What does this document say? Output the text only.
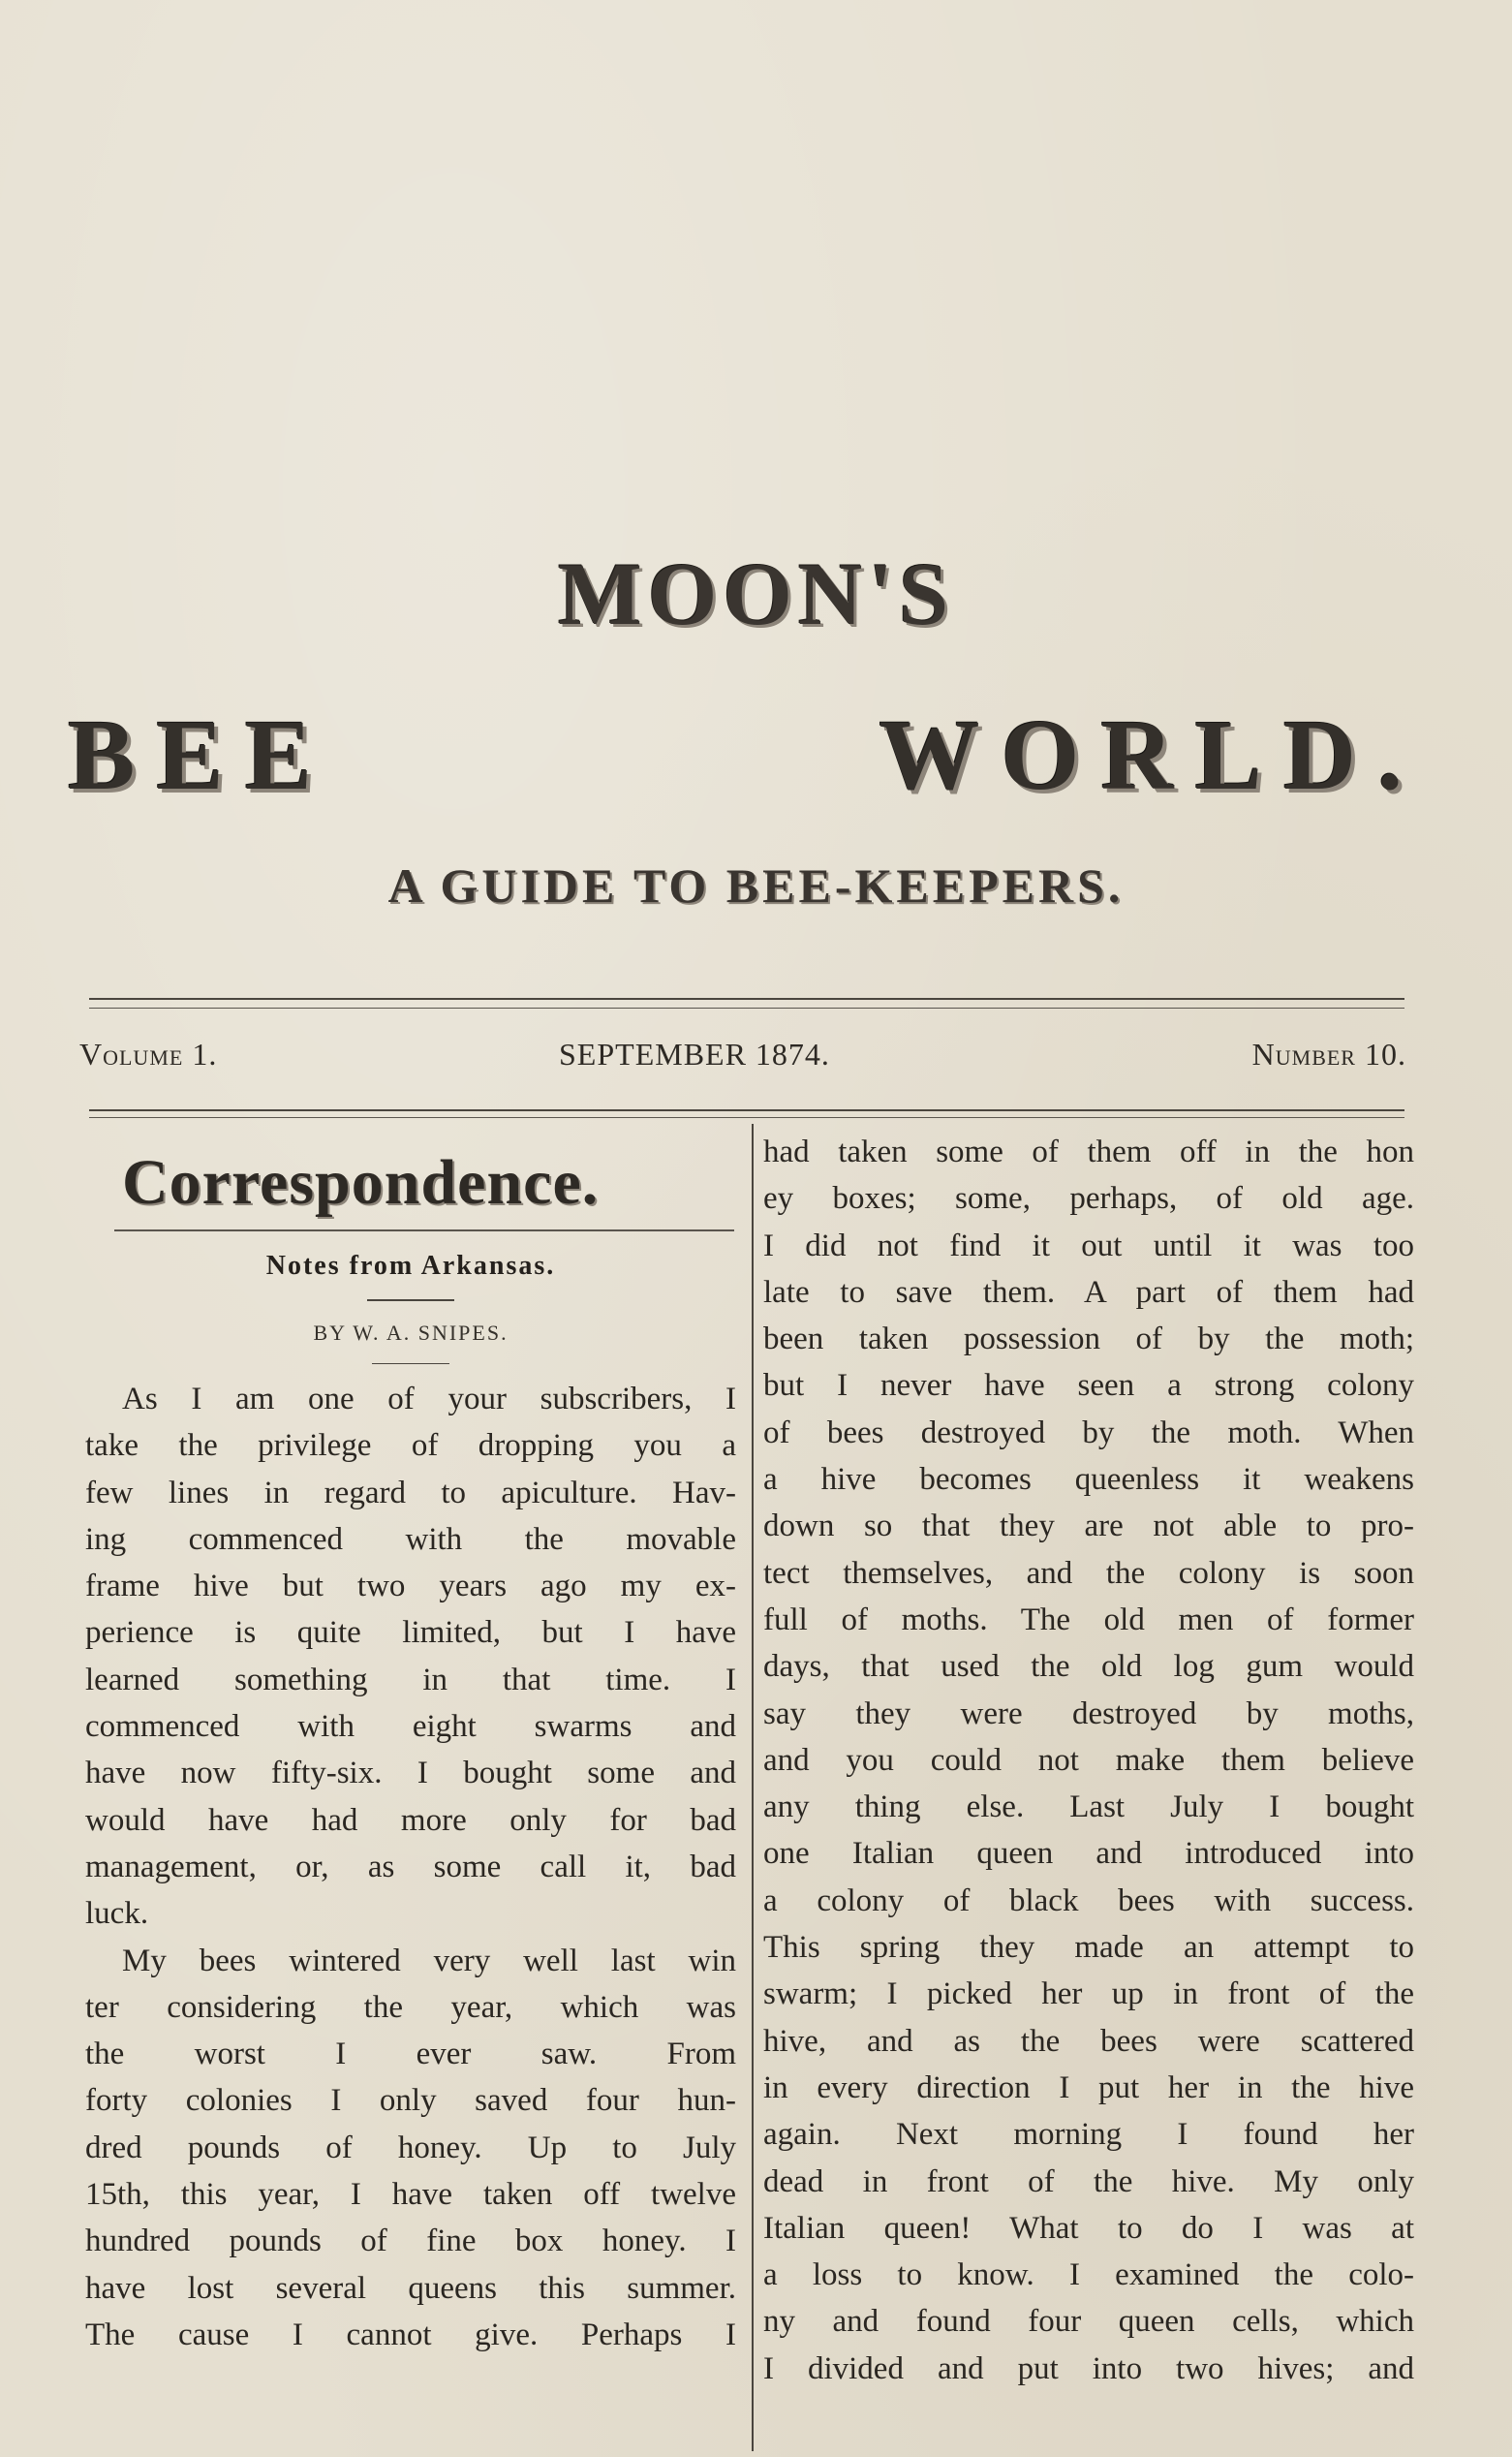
MOON'S
BEE	WORLD.
A GUIDE TO BEE-KEEPERS.
Volume 1.	SEPTEMBER 1874.	Number 10.
Correspondence.
Notes from Arkansas.
BY W. A. SNIPES.
As I am one of your subscribers, I
take the privilege of dropping you a
few lines in regard to apiculture. Hav-
ing commenced with the movable
frame hive but two years ago my ex-
perience is quite limited, but I have
learned something in that time. I
commenced with eight swarms and
have now fifty-six. I bought some and
would have had more only for bad
management, or, as some call it, bad
luck.
My bees wintered very well last win
ter considering the year, which was
the worst I ever saw. From
forty colonies I only saved four hun-
dred pounds of honey. Up to July
15th, this year, I have taken off twelve
hundred pounds of fine box honey. I
have lost several queens this summer.
The cause I cannot give. Perhaps I
had taken some of them off in the hon
ey boxes; some, perhaps, of old age.
I did not find it out until it was too
late to save them. A part of them had
been taken possession of by the moth;
but I never have seen a strong colony
of bees destroyed by the moth. When
a hive becomes queenless it weakens
down so that they are not able to pro-
tect themselves, and the colony is soon
full of moths. The old men of former
days, that used the old log gum would
say they were destroyed by moths,
and you could not make them believe
any thing else. Last July I bought
one Italian queen and introduced into
a colony of black bees with success.
This spring they made an attempt to
swarm; I picked her up in front of the
hive, and as the bees were scattered
in every direction I put her in the hive
again. Next morning I found her
dead in front of the hive. My only
Italian queen! What to do I was at
a loss to know. I examined the colo-
ny and found four queen cells, which
I divided and put into two hives; and
